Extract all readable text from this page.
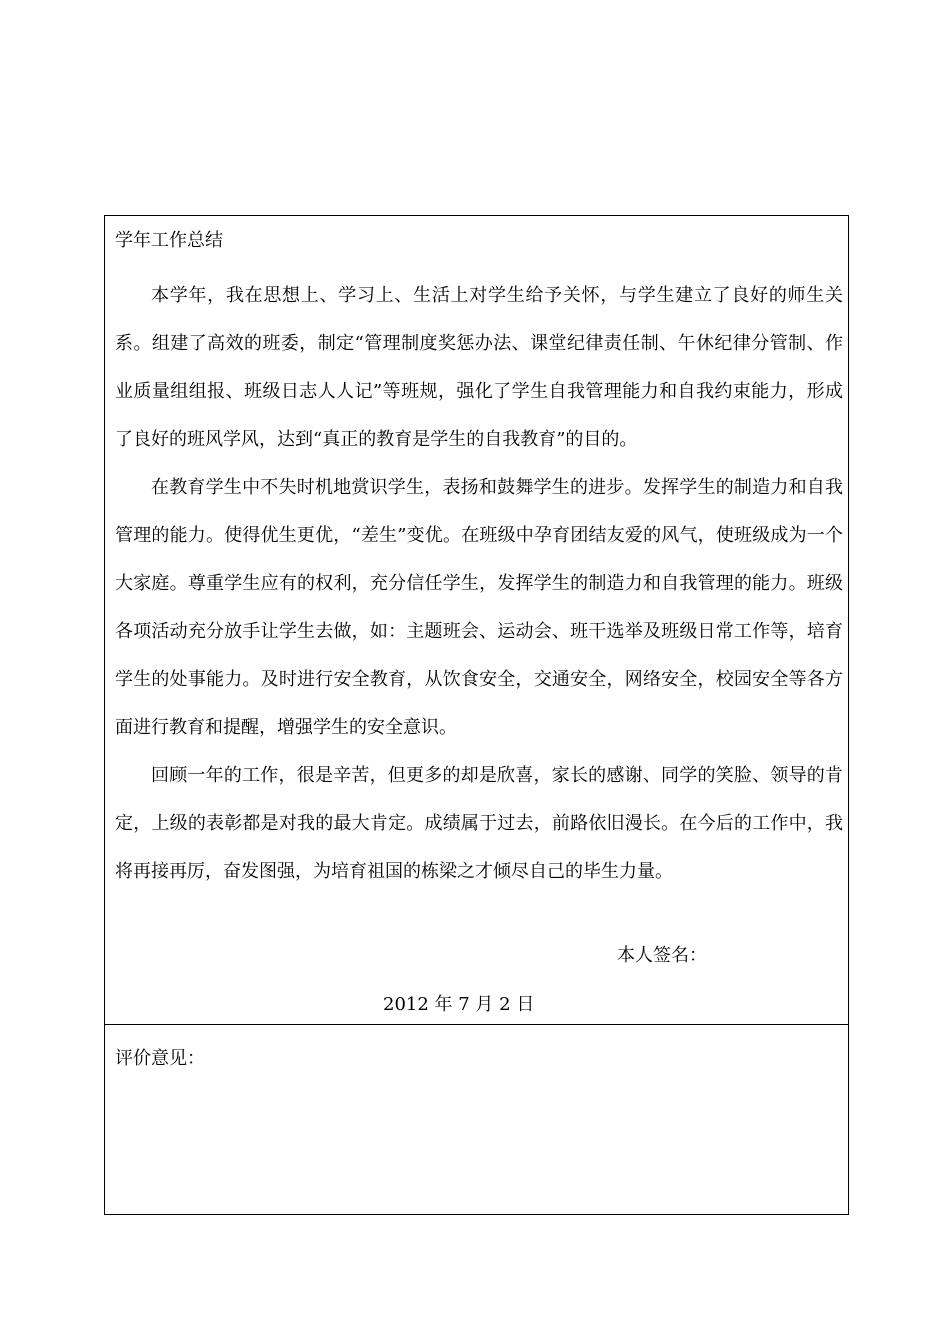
学年工作总结

本学年，我在思想上、学习上、生活上对学生给予关怀，与学生建立了良好的师生关系。组建了高效的班委，制定“管理制度奖惩办法、课堂纪律责任制、午休纪律分管制、作业质量组组报、班级日志人人记”等班规，强化了学生自我管理能力和自我约束能力，形成了良好的班风学风，达到“真正的教育是学生的自我教育”的目的。

在教育学生中不失时机地赏识学生，表扬和鼓舞学生的进步。发挥学生的制造力和自我管理的能力。使得优生更优，“差生”变优。在班级中孕育团结友爱的风气，使班级成为一个大家庭。尊重学生应有的权利，充分信任学生，发挥学生的制造力和自我管理的能力。班级各项活动充分放手让学生去做，如：主题班会、运动会、班干选举及班级日常工作等，培育学生的处事能力。及时进行安全教育，从饮食安全，交通安全，网络安全，校园安全等各方面进行教育和提醒，增强学生的安全意识。

回顾一年的工作，很是辛苦，但更多的却是欣喜，家长的感谢、同学的笑脸、领导的肯定，上级的表彰都是对我的最大肯定。成绩属于过去，前路依旧漫长。在今后的工作中，我将再接再厉，奋发图强，为培育祖国的栋梁之才倾尽自己的毕生力量。

本人签名：
2012 年 7 月 2 日
评价意见：
